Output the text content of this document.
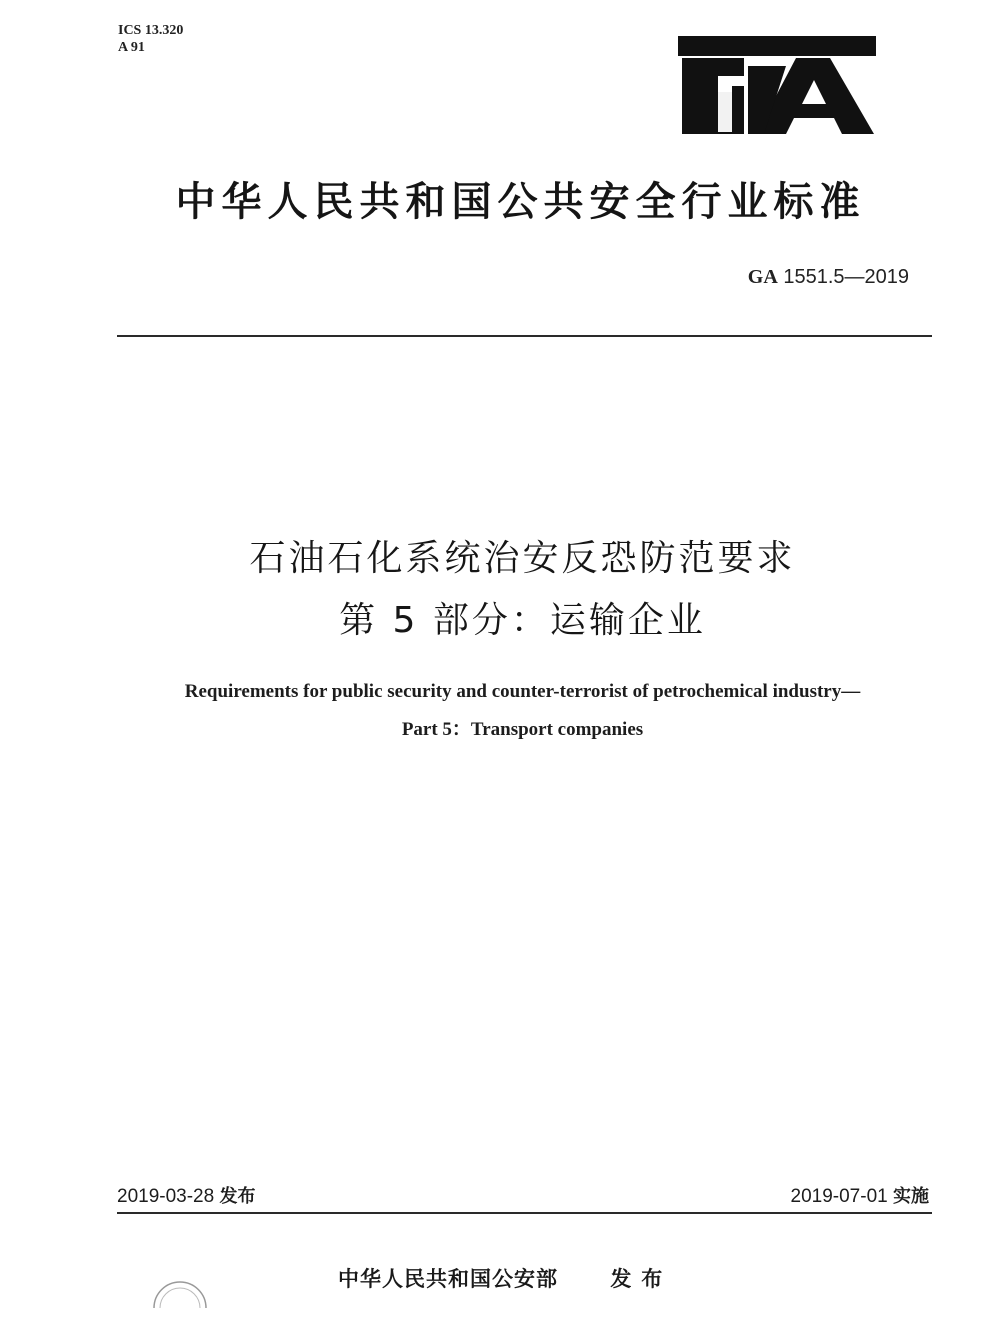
ICS 13.320
A 91
中华人民共和国公共安全行业标准
GA 1551.5—2019
石油石化系统治安反恐防范要求
第 5 部分：运输企业
Requirements for public security and counter-terrorist of petrochemical industry—
Part 5：Transport companies
2019-03-28 发布	2019-07-01 实施
中华人民共和国公安部 发布
